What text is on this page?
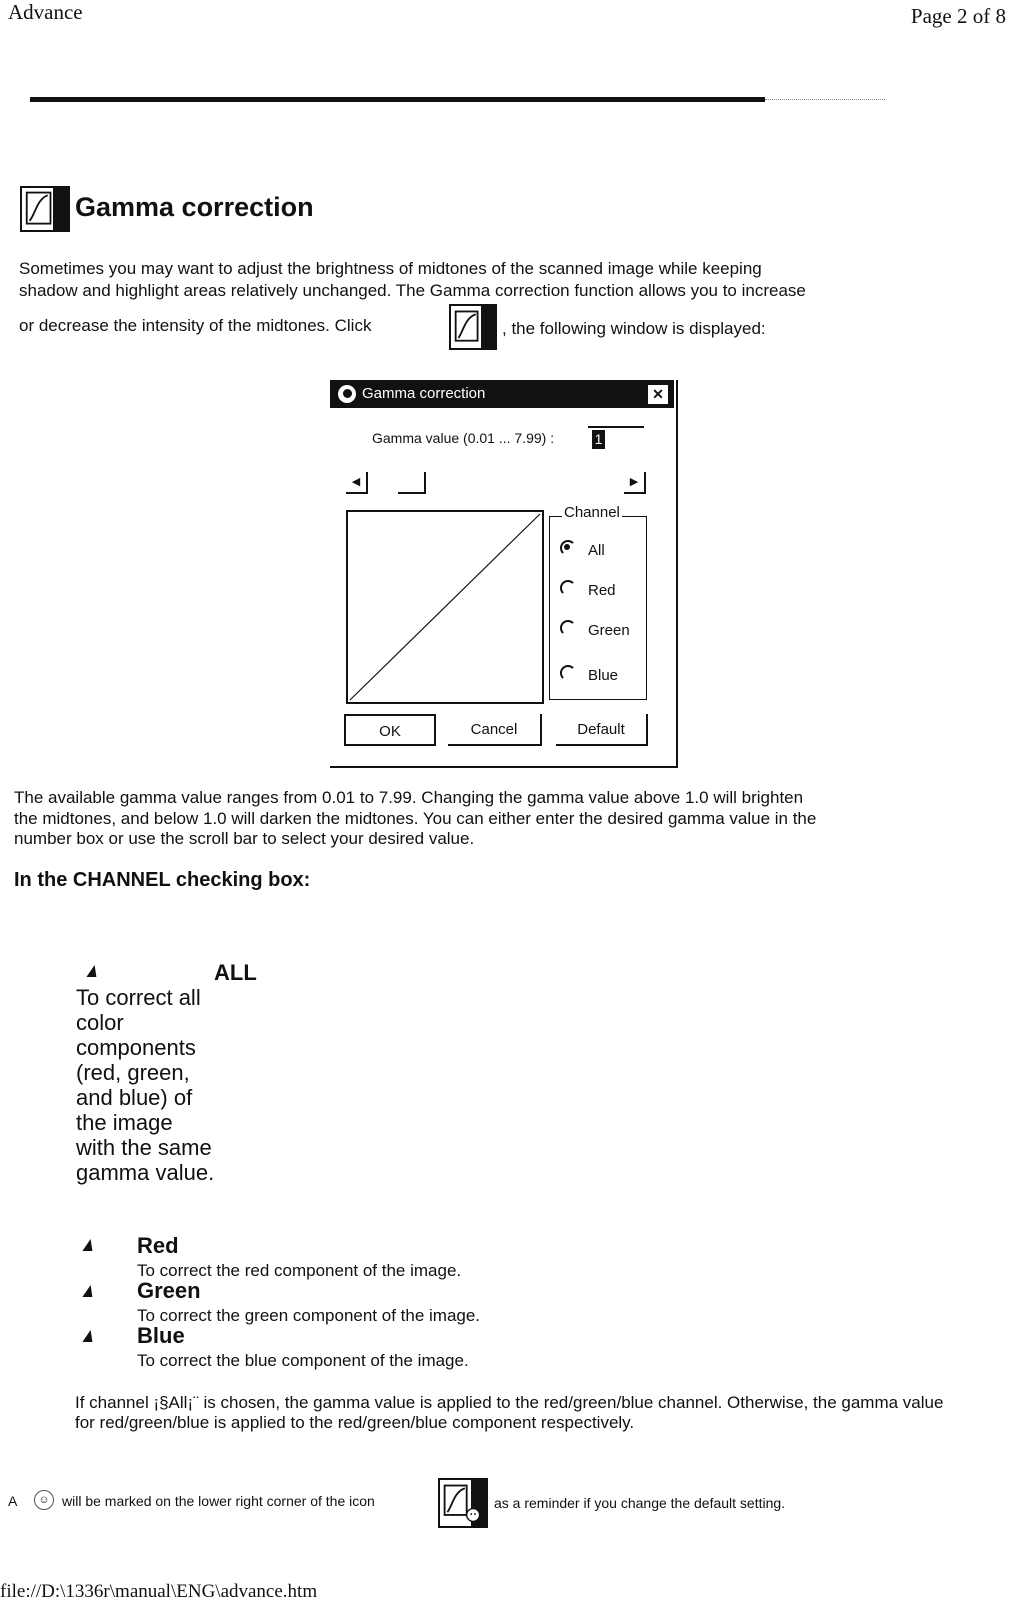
Advance	Page 2 of 8
Gamma correction
Sometimes you may want to adjust the brightness of midtones of the scanned image while keeping
shadow and highlight areas relatively unchanged. The Gamma correction function allows you to increase
or decrease the intensity of the midtones. Click	, the following window is displayed:
Gamma correction	✕
Gamma value (0.01 ... 7.99) :	1
◀	▶
Channel
All
Red
Green
Blue
OK	Cancel	Default
The available gamma value ranges from 0.01 to 7.99. Changing the gamma value above 1.0 will brighten
the midtones, and below 1.0 will darken the midtones. You can either enter the desired gamma value in the
number box or use the scroll bar to select your desired value.
In the CHANNEL checking box:
ALL
To correct all color components (red, green, and blue) of the image with the same gamma value.
Red
To correct the red component of the image.
Green
To correct the green component of the image.
Blue
To correct the blue component of the image.
If channel ¡§All¡¨ is chosen, the gamma value is applied to the red/green/blue channel. Otherwise, the gamma value for red/green/blue is applied to the red/green/blue component respectively.
A	☺ will be marked on the lower right corner of the icon	as a reminder if you change the default setting.
file://D:\1336r\manual\ENG\advance.htm
